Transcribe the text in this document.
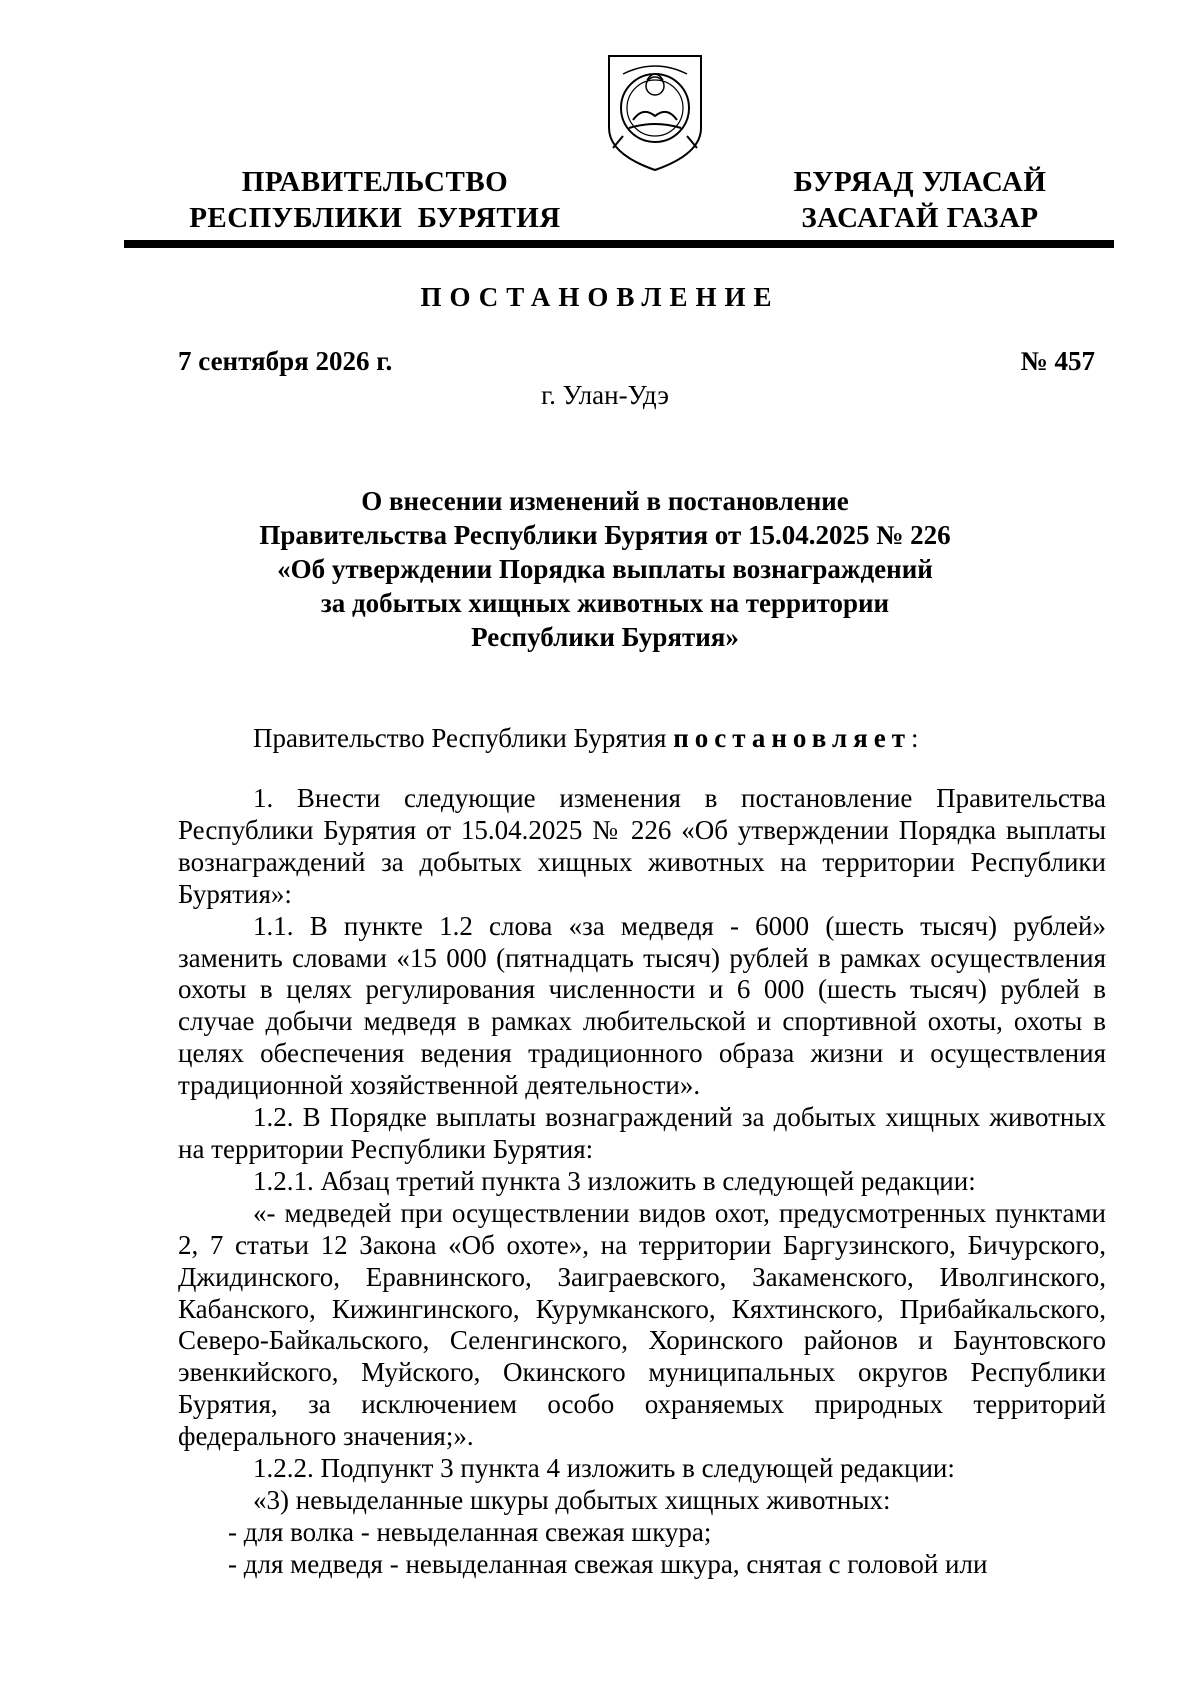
ПРАВИТЕЛЬСТВО
РЕСПУБЛИКИ  БУРЯТИЯ
БУРЯАД УЛАСАЙ
ЗАСАГАЙ ГАЗАР
ПОСТАНОВЛЕНИЕ
7 сентября 2026 г.	№ 457
г. Улан-Удэ
О внесении изменений в постановление
Правительства Республики Бурятия от 15.04.2025 № 226
«Об утверждении Порядка выплаты вознаграждений
за добытых хищных животных на территории
Республики Бурятия»
Правительство Республики Бурятия постановляет:

1. Внести следующие изменения в постановление Правительства Республики Бурятия от 15.04.2025 № 226 «Об утверждении Порядка выплаты вознаграждений за добытых хищных животных на территории Республики Бурятия»:

1.1. В пункте 1.2 слова «за медведя - 6000 (шесть тысяч) рублей» заменить словами «15 000 (пятнадцать тысяч) рублей в рамках осуществления охоты в целях регулирования численности и 6 000 (шесть тысяч) рублей в случае добычи медведя в рамках любительской и спортивной охоты, охоты в целях обеспечения ведения традиционного образа жизни и осуществления традиционной хозяйственной деятельности».

1.2. В Порядке выплаты вознаграждений за добытых хищных животных на территории Республики Бурятия:

1.2.1. Абзац третий пункта 3 изложить в следующей редакции:

«- медведей при осуществлении видов охот, предусмотренных пунктами 2, 7 статьи 12 Закона «Об охоте», на территории Баргузинского, Бичурского, Джидинского, Еравнинского, Заиграевского, Закаменского, Иволгинского, Кабанского, Кижингинского, Курумканского, Кяхтинского, Прибайкальского, Северо-Байкальского, Селенгинского, Хоринского районов и Баунтовского эвенкийского, Муйского, Окинского муниципальных округов Республики Бурятия, за исключением особо охраняемых природных территорий федерального значения;».

1.2.2. Подпункт 3 пункта 4 изложить в следующей редакции:

«3) невыделанные шкуры добытых хищных животных:

- для волка - невыделанная свежая шкура;

- для медведя - невыделанная свежая шкура, снятая с головой или
